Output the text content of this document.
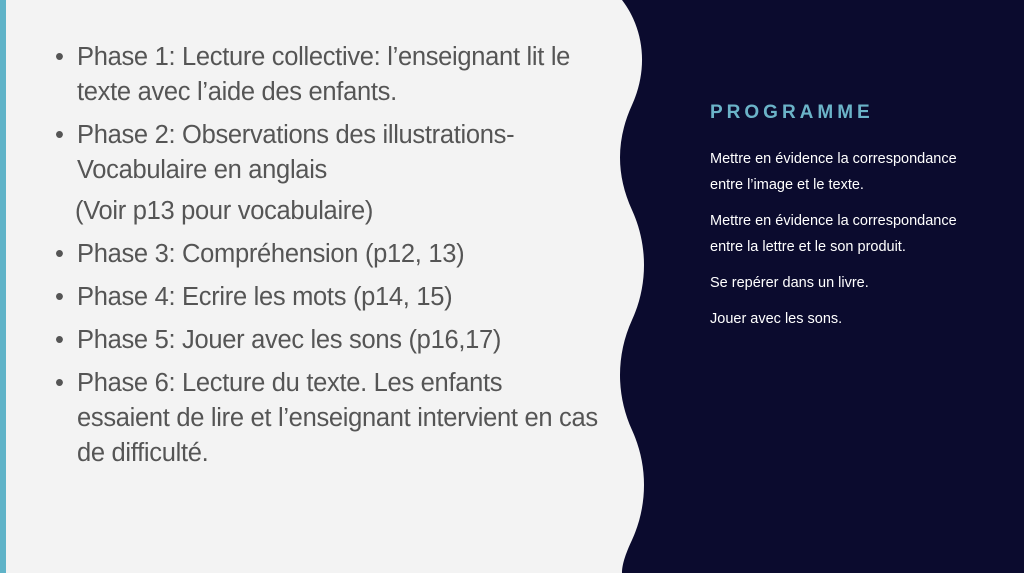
• Phase 1: Lecture collective: l’enseignant lit le texte avec l’aide des enfants.
• Phase 2: Observations des illustrations- Vocabulaire en anglais
(Voir p13 pour vocabulaire)
• Phase 3: Compréhension (p12, 13)
• Phase 4: Ecrire les mots (p14, 15)
• Phase 5: Jouer avec les sons (p16,17)
• Phase 6: Lecture du texte. Les enfants essaient de lire et l’enseignant intervient en cas de difficulté.
PROGRAMME

Mettre en évidence la correspondance entre l’image et le texte.

Mettre en évidence la correspondance entre la lettre et le son produit.

Se repérer dans un livre.

Jouer avec les sons.
